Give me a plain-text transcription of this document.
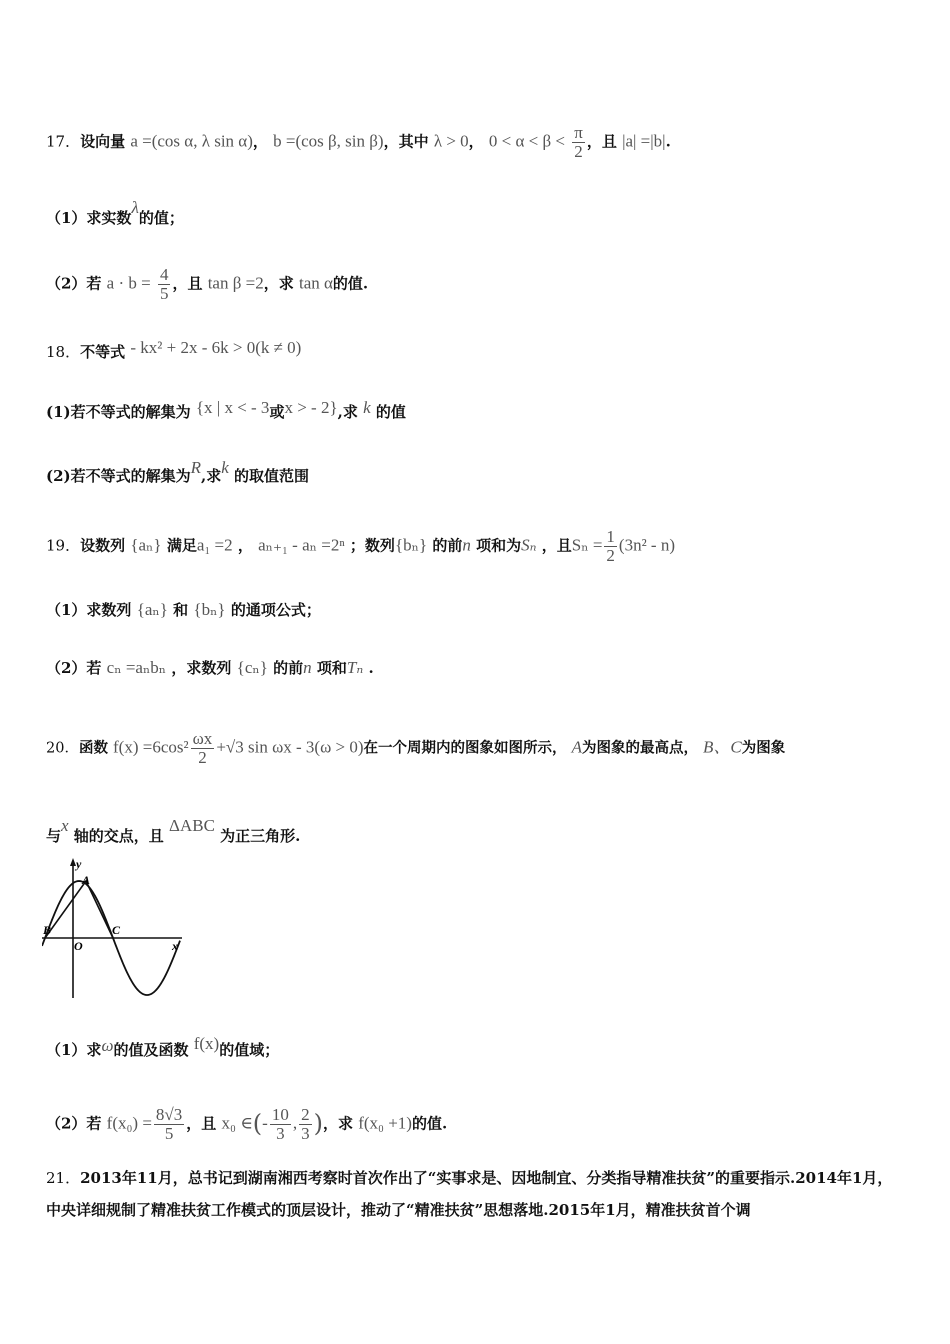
17．设向量 a =(cos α, λ sin α)， b =(cos β, sin β)，其中 λ > 0， $0 < \alpha < \beta < \frac{\pi}{2}$ ，且 |a| =|b|.
（1）求实数λ的值；
（2）若 $a \cdot b = \frac{4}{5}$ ，且 tan β =2，求 tan α的值.
18．不等式 - kx² + 2x - 6k > 0(k ≠ 0)
(1)若不等式的解集为 {x | x < - 3或x > - 2},求 k 的值
(2)若不等式的解集为R,求k 的取值范围
19．设数列 {aₙ} 满足a₁ =2 ， aₙ₊₁ - aₙ =2ⁿ ；数列{bₙ} 的前n 项和为Sₙ ，且$S_n = \frac{1}{2} (3n^2 - n)$
（1）求数列 {aₙ} 和 {bₙ} 的通项公式；
（2）若 cₙ =aₙbₙ ，求数列 {cₙ} 的前n 项和Tₙ .
20．函数 $f(x) =6\cos^2 \frac{\omega x}{2} +√3$ sin ωx - 3(ω > 0)在一个周期内的图象如图所示， A为图象的最高点， B、C为图象
与x 轴的交点，且 ΔABC 为正三角形.
y
A
B
O
C
x
（1）求ω的值及函数 f(x)的值域；
（2）若 $f(x_0) = \frac{8√3}{5}$ ，且 x₀ ∈(- $\frac{10}{3}$ , $\frac{2}{3}$ )，求 f(x₀ +1)的值.
21．2013年11月，总书记到湖南湘西考察时首次作出了“实事求是、因地制宜、分类指导精准扶贫”的重要指示.2014年1月，中央详细规制了精准扶贫工作模式的顶层设计，推动了“精准扶贫”思想落地.2015年1月，精准扶贫首个调
